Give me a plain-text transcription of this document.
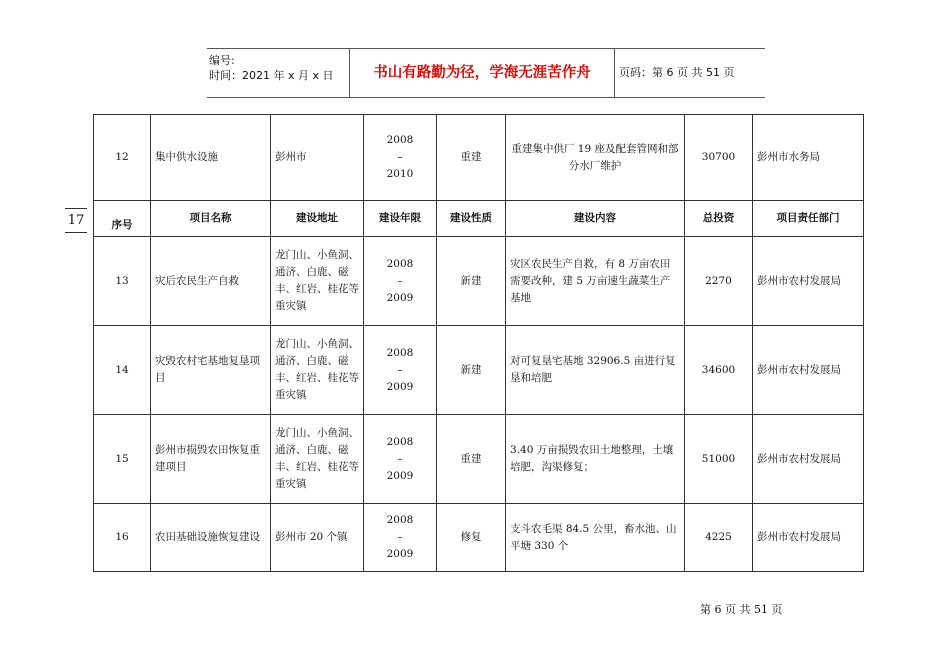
编号:
时间：2021 年 x 月 x 日	书山有路勤为径，学海无涯苦作舟	页码：第 6 页 共 51 页
17
12	集中供水设施	彭州市	2008
–
2010	重建	重建集中供厂 19 座及配套管网和部分水厂维护	30700	彭州市水务局
序号	项目名称	建设地址	建设年限	建设性质	建设内容	总投资	项目责任部门
13	灾后农民生产自救	龙门山、小鱼洞、通济、白鹿、磁丰、红岩、桂花等重灾镇	2008
–
2009	新建	灾区农民生产自救，有 8 万亩农田需要改种，建 5 万亩速生蔬菜生产基地	2270	彭州市农村发展局
14	灾毁农村宅基地复垦项目	龙门山、小鱼洞、通济、白鹿、磁丰、红岩、桂花等重灾镇	2008
–
2009	新建	对可复垦宅基地 32906.5 亩进行复垦和培肥	34600	彭州市农村发展局
15	彭州市损毁农田恢复重建项目	龙门山、小鱼洞、通济、白鹿、磁丰、红岩、桂花等重灾镇	2008
–
2009	重建	3.40 万亩损毁农田土地整理，土壤培肥，沟渠修复；	51000	彭州市农村发展局
16	农田基础设施恢复建设	彭州市 20 个镇	2008
–
2009	修复	支斗农毛渠 84.5 公里，畜水池、山平塘 330 个	4225	彭州市农村发展局
第 6 页 共 51 页
